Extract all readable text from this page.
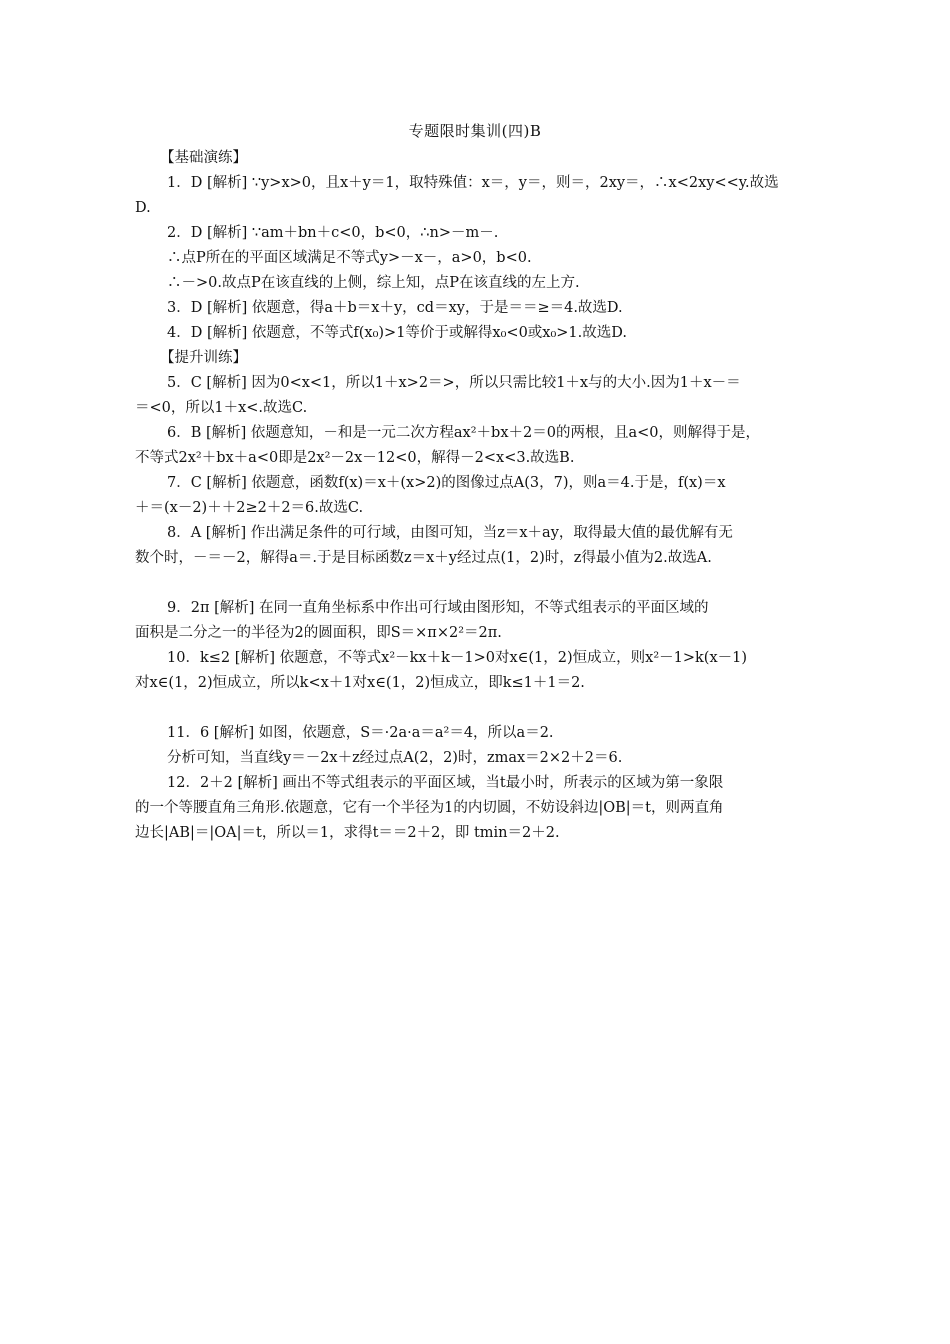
专题限时集训(四)B
【基础演练】
1．D [解析] ∵y>x>0，且x＋y＝1，取特殊值：x＝，y＝，则＝，2xy＝，∴x<2xy<<y.故选
D.
2．D [解析] ∵am＋bn＋c<0，b<0，∴n>－m－.
∴点P所在的平面区域满足不等式y>－x－，a>0，b<0.
∴－>0.故点P在该直线的上侧，综上知，点P在该直线的左上方.
3．D [解析] 依题意，得a＋b＝x＋y，cd＝xy，于是＝＝≥＝4.故选D.
4．D [解析] 依题意，不等式f(x₀)>1等价于或解得x₀<0或x₀>1.故选D.
【提升训练】
5．C [解析] 因为0<x<1，所以1＋x>2＝>，所以只需比较1＋x与的大小.因为1＋x－＝
＝<0，所以1＋x<.故选C.
6．B [解析] 依题意知，－和是一元二次方程ax²＋bx＋2＝0的两根，且a<0，则解得于是，
不等式2x²＋bx＋a<0即是2x²－2x－12<0，解得－2<x<3.故选B.
7．C [解析] 依题意，函数f(x)＝x＋(x>2)的图像过点A(3，7)，则a＝4.于是，f(x)＝x
＋＝(x－2)＋＋2≥2＋2＝6.故选C.
8．A [解析] 作出满足条件的可行域，由图可知，当z＝x＋ay，取得最大值的最优解有无
数个时，－＝－2，解得a＝.于是目标函数z＝x＋y经过点(1，2)时，z得最小值为2.故选A.
9．2π [解析] 在同一直角坐标系中作出可行域由图形知，不等式组表示的平面区域的
面积是二分之一的半径为2的圆面积，即S＝×π×2²＝2π.
10．k≤2 [解析] 依题意，不等式x²－kx＋k－1>0对x∈(1，2)恒成立，则x²－1>k(x－1)
对x∈(1，2)恒成立，所以k<x＋1对x∈(1，2)恒成立，即k≤1＋1＝2.
11．6 [解析] 如图，依题意，S＝·2a·a＝a²＝4，所以a＝2.
分析可知，当直线y＝－2x＋z经过点A(2，2)时，zmax＝2×2＋2＝6.
12．2＋2 [解析] 画出不等式组表示的平面区域，当t最小时，所表示的区域为第一象限
的一个等腰直角三角形.依题意，它有一个半径为1的内切圆，不妨设斜边|OB|＝t，则两直角
边长|AB|＝|OA|＝t，所以＝1，求得t＝＝2＋2，即 tmin＝2＋2.
